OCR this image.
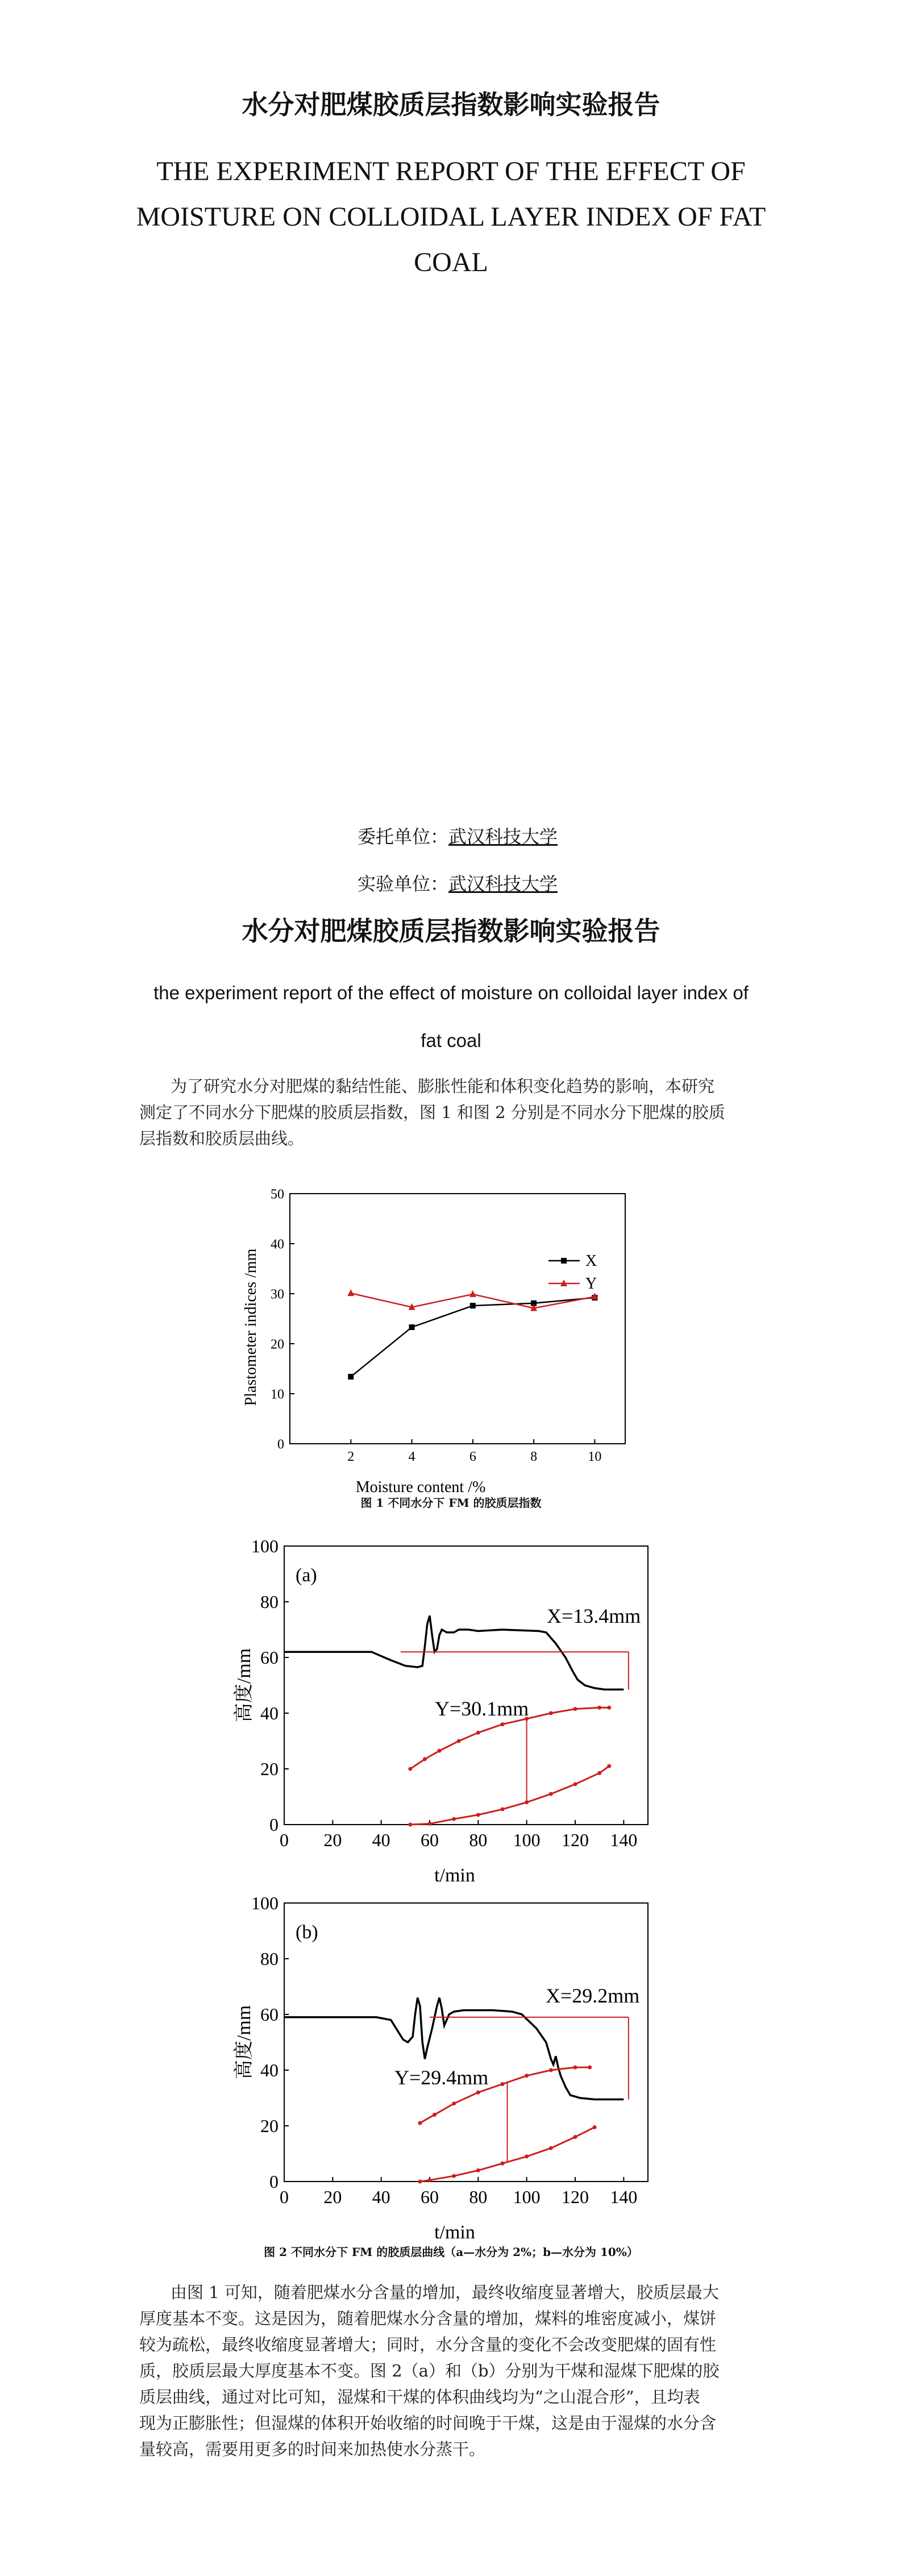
水分对肥煤胶质层指数影响实验报告
THE EXPERIMENT REPORT OF THE EFFECT OF
MOISTURE ON COLLOIDAL LAYER INDEX OF FAT
COAL
委托单位：武汉科技大学
实验单位：武汉科技大学
水分对肥煤胶质层指数影响实验报告
the experiment report of the effect of moisture on colloidal layer index of
fat coal
为了研究水分对肥煤的黏结性能、膨胀性能和体积变化趋势的影响，本研究
测定了不同水分下肥煤的胶质层指数，图 1 和图 2 分别是不同水分下肥煤的胶质
层指数和胶质层曲线。
2	4	6	8	10
0
10
20
30
40
50
X
Y
Moisture content /%
Plastometer indices /mm
图 1 不同水分下 FM 的胶质层指数
0 20 40 60 80 100 120 140
0
20
40
60
80
100
(a)
X=13.4mm
Y=30.1mm
t/min
高度/mm
0 20 40 60 80 100 120 140
0
20
40
60
80
100
(b)
X=29.2mm
Y=29.4mm
t/min
高度/mm
图 2 不同水分下 FM 的胶质层曲线（a—水分为 2%；b—水分为 10%）
由图 1 可知，随着肥煤水分含量的增加，最终收缩度显著增大，胶质层最大
厚度基本不变。这是因为，随着肥煤水分含量的增加，煤料的堆密度减小，煤饼
较为疏松，最终收缩度显著增大；同时，水分含量的变化不会改变肥煤的固有性
质，胶质层最大厚度基本不变。图 2（a）和（b）分别为干煤和湿煤下肥煤的胶
质层曲线，通过对比可知，湿煤和干煤的体积曲线均为“之山混合形”，且均表
现为正膨胀性；但湿煤的体积开始收缩的时间晚于干煤，这是由于湿煤的水分含
量较高，需要用更多的时间来加热使水分蒸干。
